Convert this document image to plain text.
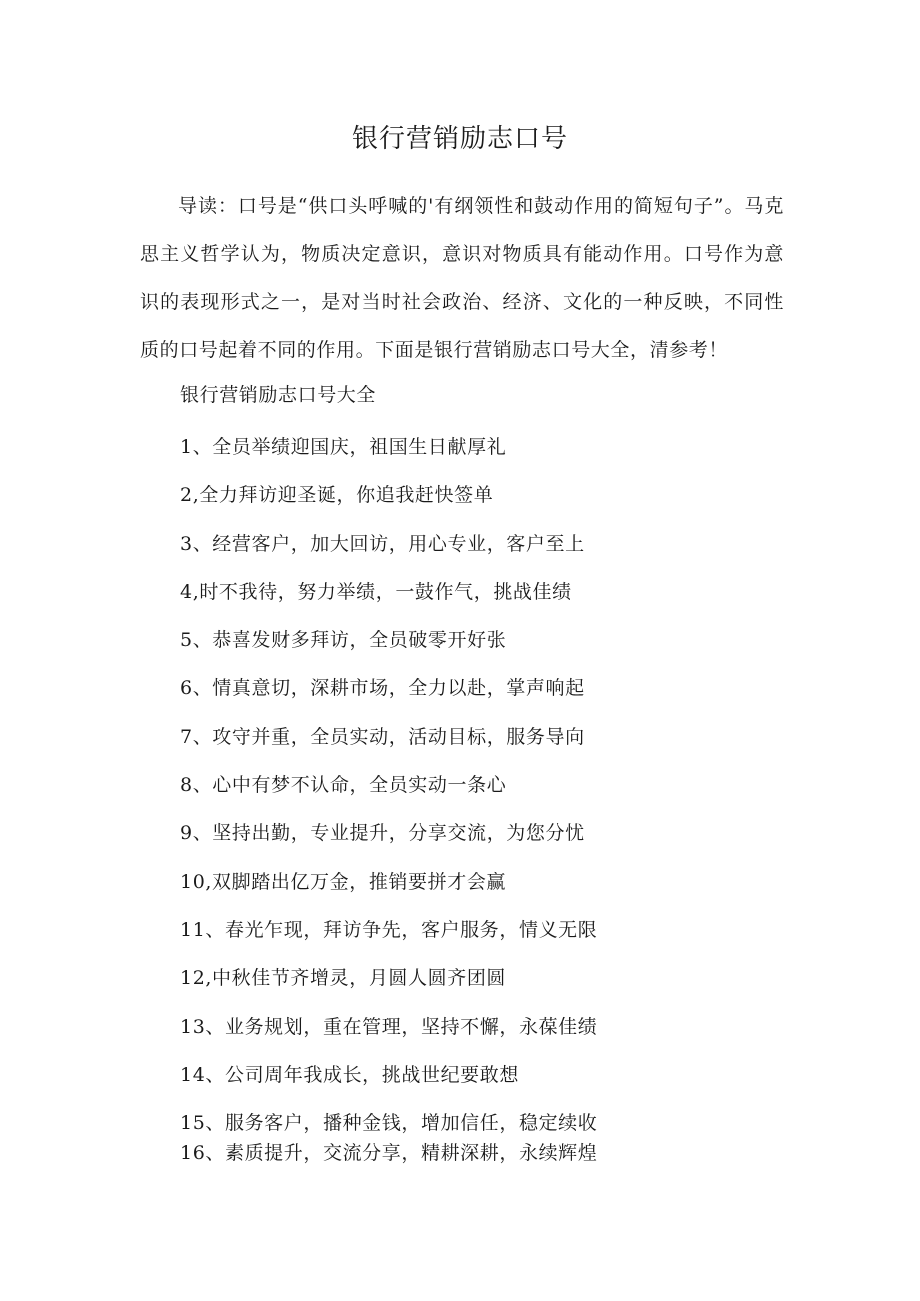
银行营销励志口号

导读：口号是“供口头呼喊的'有纲领性和鼓动作用的简短句子”。马克思主义哲学认为，物质决定意识，意识对物质具有能动作用。口号作为意识的表现形式之一，是对当时社会政治、经济、文化的一种反映，不同性质的口号起着不同的作用。下面是银行营销励志口号大全，清参考！

银行营销励志口号大全
1、全员举绩迎国庆，祖国生日献厚礼
2,全力拜访迎圣诞，你追我赶快签单
3、经营客户，加大回访，用心专业，客户至上
4,时不我待，努力举绩，一鼓作气，挑战佳绩
5、恭喜发财多拜访，全员破零开好张
6、情真意切，深耕市场，全力以赴，掌声响起
7、攻守并重，全员实动，活动目标，服务导向
8、心中有梦不认命，全员实动一条心
9、坚持出勤，专业提升，分享交流，为您分忧
10,双脚踏出亿万金，推销要拼才会赢
11、春光乍现，拜访争先，客户服务，情义无限
12,中秋佳节齐增灵，月圆人圆齐团圆
13、业务规划，重在管理，坚持不懈，永葆佳绩
14、公司周年我成长，挑战世纪要敢想
15、服务客户，播种金钱，增加信任，稳定续收
16、素质提升，交流分享，精耕深耕，永续辉煌
